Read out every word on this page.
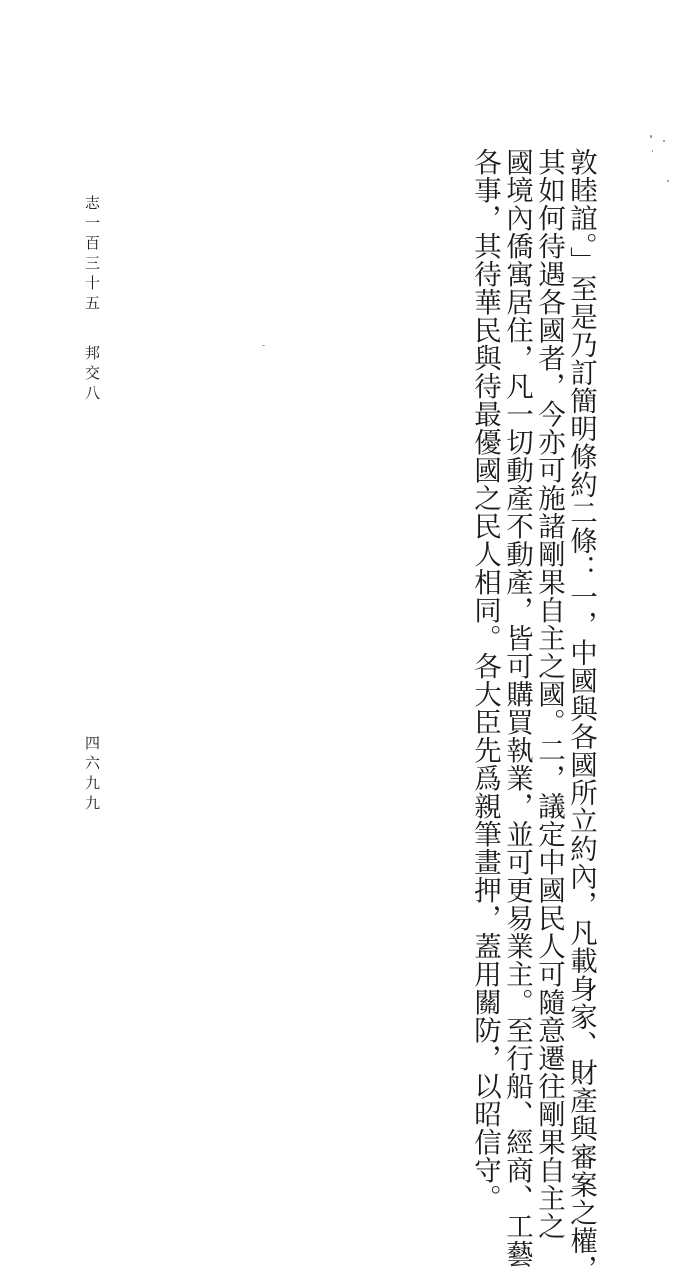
志一百三十五
邦交八
四六九九	敦睦誼。」至是乃訂簡明條約二條：一，中國與各國所立約內，凡載身家、財產與審案之權，
其如何待遇各國者，今亦可施諸剛果自主之國。二，議定中國民人可隨意遷往剛果自主之
國境內僑寓居住，凡一切動產不動產，皆可購買執業，並可更易業主。至行船、經商、工藝
各事，其待華民與待最優國之民人相同。各大臣先爲親筆畫押，蓋用關防，以昭信守。
